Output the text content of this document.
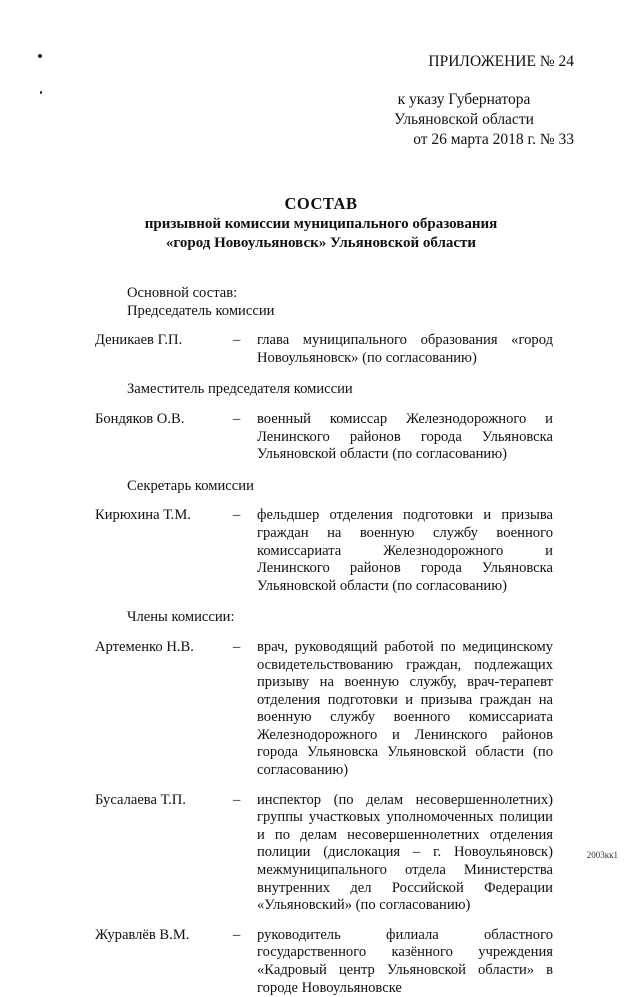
ПРИЛОЖЕНИЕ № 24
к указу Губернатора
Ульяновской области
от 26 марта 2018 г. № 33
СОСТАВ
призывной комиссии муниципального образования
«город Новоульяновск» Ульяновской области
Основной состав:
Председатель комиссии
Деникаев Г.П.	–	глава муниципального образования «город Новоульяновск» (по согласованию)
Заместитель председателя комиссии
Бондяков О.В.	–	военный комиссар Железнодорожного и Ленинского районов города Ульяновска Ульяновской области (по согласованию)
Секретарь комиссии
Кирюхина Т.М.	–	фельдшер отделения подготовки и призыва граждан на военную службу военного комиссариата Железнодорожного и Ленинского районов города Ульяновска Ульяновской области (по согласованию)
Члены комиссии:
Артеменко Н.В.	–	врач, руководящий работой по медицинскому освидетельствованию граждан, подлежащих призыву на военную службу, врач-терапевт отделения подготовки и призыва граждан на военную службу военного комиссариата Железнодорожного и Ленинского районов города Ульяновска Ульяновской области (по согласованию)
Бусалаева Т.П.	–	инспектор (по делам несовершеннолетних) группы участковых уполномоченных полиции и по делам несовершеннолетних отделения полиции (дислокация – г. Новоульяновск) межмуниципального отдела Министерства внутренних дел Российской Федерации «Ульяновский» (по согласованию)
Журавлёв В.М.	–	руководитель филиала областного государственного казённого учреждения «Кадровый центр Ульяновской области» в городе Новоульяновске
2003кк1
